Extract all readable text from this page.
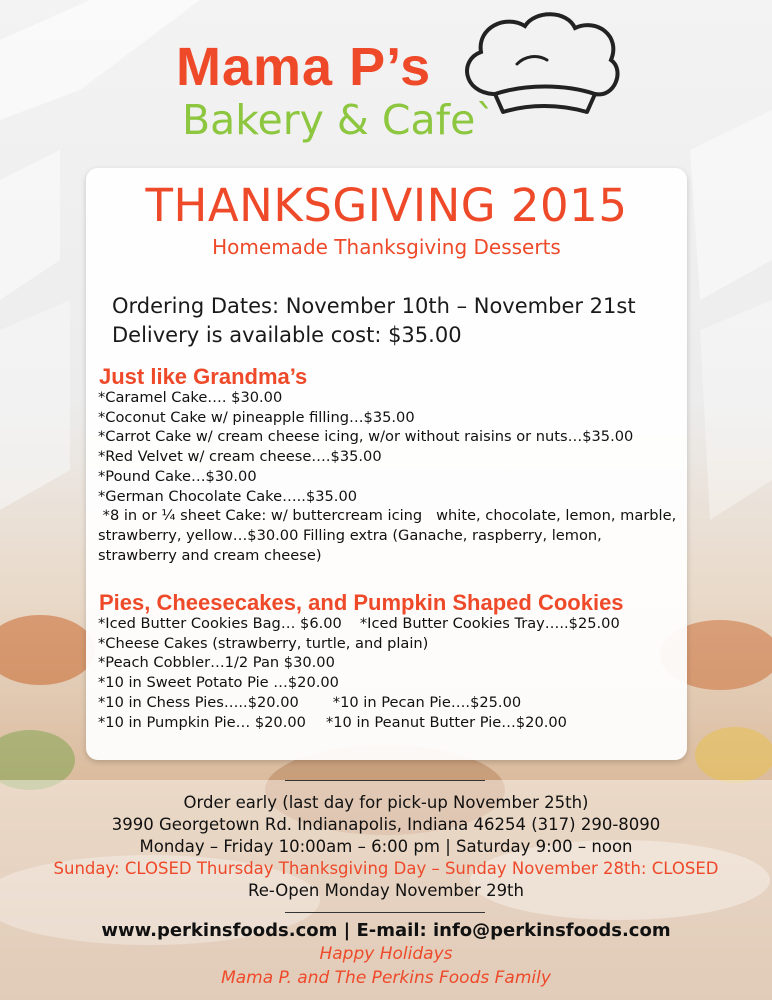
Mama P’s
Bakery & Cafe`
THANKSGIVING 2015
Homemade Thanksgiving Desserts
Ordering Dates: November 10th – November 21st
Delivery is available cost: $35.00
Just like Grandma’s
*Caramel Cake…. $30.00
*Coconut Cake w/ pineapple filling…$35.00
*Carrot Cake w/ cream cheese icing, w/or without raisins or nuts…$35.00
*Red Velvet w/ cream cheese….$35.00
*Pound Cake…$30.00
*German Chocolate Cake…..$35.00
*8 in or ¼ sheet Cake: w/ buttercream icing   white, chocolate, lemon, marble, strawberry, yellow…$30.00 Filling extra (Ganache, raspberry, lemon, strawberry and cream cheese)
Pies, Cheesecakes, and Pumpkin Shaped Cookies
*Iced Butter Cookies Bag… $6.00 *Iced Butter Cookies Tray…..$25.00
*Cheese Cakes (strawberry, turtle, and plain)
*Peach Cobbler…1/2 Pan $30.00
*10 in Sweet Potato Pie …$20.00
*10 in Chess Pies…..$20.00 *10 in Pecan Pie….$25.00
*10 in Pumpkin Pie… $20.00 *10 in Peanut Butter Pie…$20.00
Order early (last day for pick-up November 25th)
3990 Georgetown Rd. Indianapolis, Indiana 46254 (317) 290-8090
Monday – Friday 10:00am – 6:00 pm | Saturday 9:00 – noon
Sunday: CLOSED Thursday Thanksgiving Day – Sunday November 28th: CLOSED
Re-Open Monday November 29th
www.perkinsfoods.com | E-mail: info@perkinsfoods.com
Happy Holidays
Mama P. and The Perkins Foods Family
